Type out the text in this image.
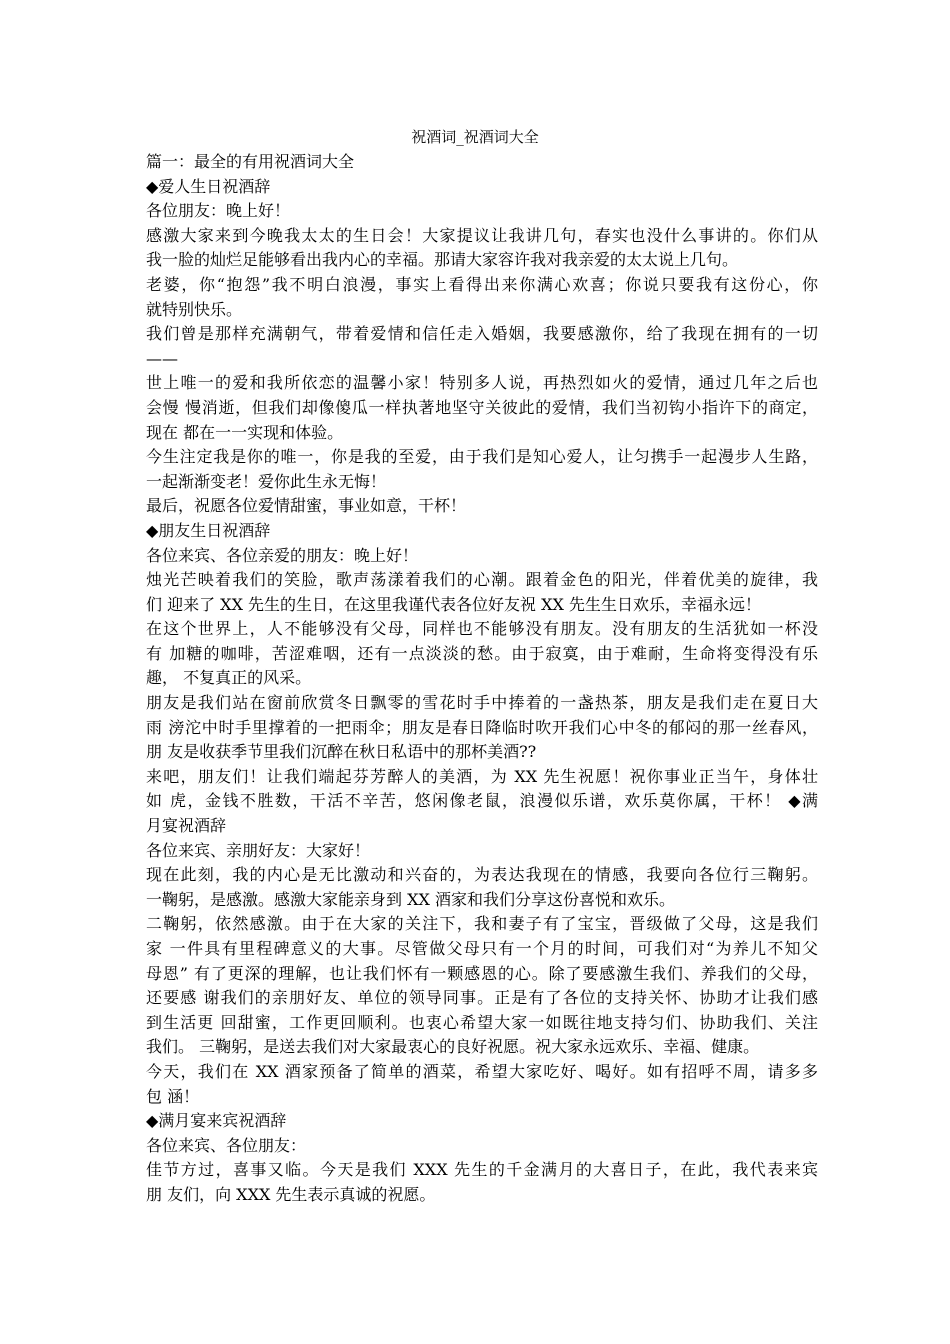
祝酒词_祝酒词大全
篇一：最全的有用祝酒词大全
◆爱人生日祝酒辞
各位朋友：晚上好！
感激大家来到今晚我太太的生日会！大家提议让我讲几句，春实也没什么事讲的。你们从
我一脸的灿烂足能够看出我内心的幸福。那请大家容许我对我亲爱的太太说上几句。
老婆，你“抱怨”我不明白浪漫，事实上看得出来你满心欢喜；你说只要我有这份心，你
就特别快乐。
我们曾是那样充满朝气，带着爱情和信任走入婚姻，我要感激你，给了我现在拥有的一切
——
世上唯一的爱和我所依恋的温馨小家！特别多人说，再热烈如火的爱情，通过几年之后也
会慢 慢消逝，但我们却像傻瓜一样执著地坚守关彼此的爱情，我们当初钩小指许下的商定，
现在 都在一一实现和体验。
今生注定我是你的唯一，你是我的至爱，由于我们是知心爱人，让匀携手一起漫步人生路，
一起渐渐变老！爱你此生永无悔！
最后，祝愿各位爱情甜蜜，事业如意，干杯！
◆朋友生日祝酒辞
各位来宾、各位亲爱的朋友：晚上好！
烛光芒映着我们的笑脸，歌声荡漾着我们的心潮。跟着金色的阳光，伴着优美的旋律，我
们 迎来了 XX 先生的生日，在这里我谨代表各位好友祝 XX 先生生日欢乐，幸福永远！
在这个世界上，人不能够没有父母，同样也不能够没有朋友。没有朋友的生活犹如一杯没
有 加糖的咖啡，苦涩难咽，还有一点淡淡的愁。由于寂寞，由于难耐，生命将变得没有乐
趣， 不复真正的风采。
朋友是我们站在窗前欣赏冬日飘零的雪花时手中捧着的一盏热茶，朋友是我们走在夏日大
雨 滂沱中时手里撑着的一把雨伞；朋友是春日降临时吹开我们心中冬的郁闷的那一丝春风，
朋 友是收获季节里我们沉醉在秋日私语中的那杯美酒??
来吧，朋友们！让我们端起芬芳醉人的美酒，为 XX 先生祝愿！祝你事业正当午，身体壮
如 虎，金钱不胜数，干活不辛苦，悠闲像老鼠，浪漫似乐谱，欢乐莫你属，干杯！ ◆满
月宴祝酒辞
各位来宾、亲朋好友：大家好！
现在此刻，我的内心是无比激动和兴奋的，为表达我现在的情感，我要向各位行三鞠躬。
一鞠躬，是感激。感激大家能亲身到 XX 酒家和我们分享这份喜悦和欢乐。
二鞠躬，依然感激。由于在大家的关注下，我和妻子有了宝宝，晋级做了父母，这是我们
家 一件具有里程碑意义的大事。尽管做父母只有一个月的时间，可我们对“为养儿不知父
母恩” 有了更深的理解，也让我们怀有一颗感恩的心。除了要感激生我们、养我们的父母，
还要感 谢我们的亲朋好友、单位的领导同事。正是有了各位的支持关怀、协助才让我们感
到生活更 回甜蜜，工作更回顺利。也衷心希望大家一如既往地支持匀们、协助我们、关注
我们。 三鞠躬，是送去我们对大家最衷心的良好祝愿。祝大家永远欢乐、幸福、健康。
今天，我们在 XX 酒家预备了简单的酒菜，希望大家吃好、喝好。如有招呼不周，请多多
包 涵！
◆满月宴来宾祝酒辞
各位来宾、各位朋友：
佳节方过，喜事又临。今天是我们 XXX 先生的千金满月的大喜日子，在此，我代表来宾
朋 友们，向 XXX 先生表示真诚的祝愿。
